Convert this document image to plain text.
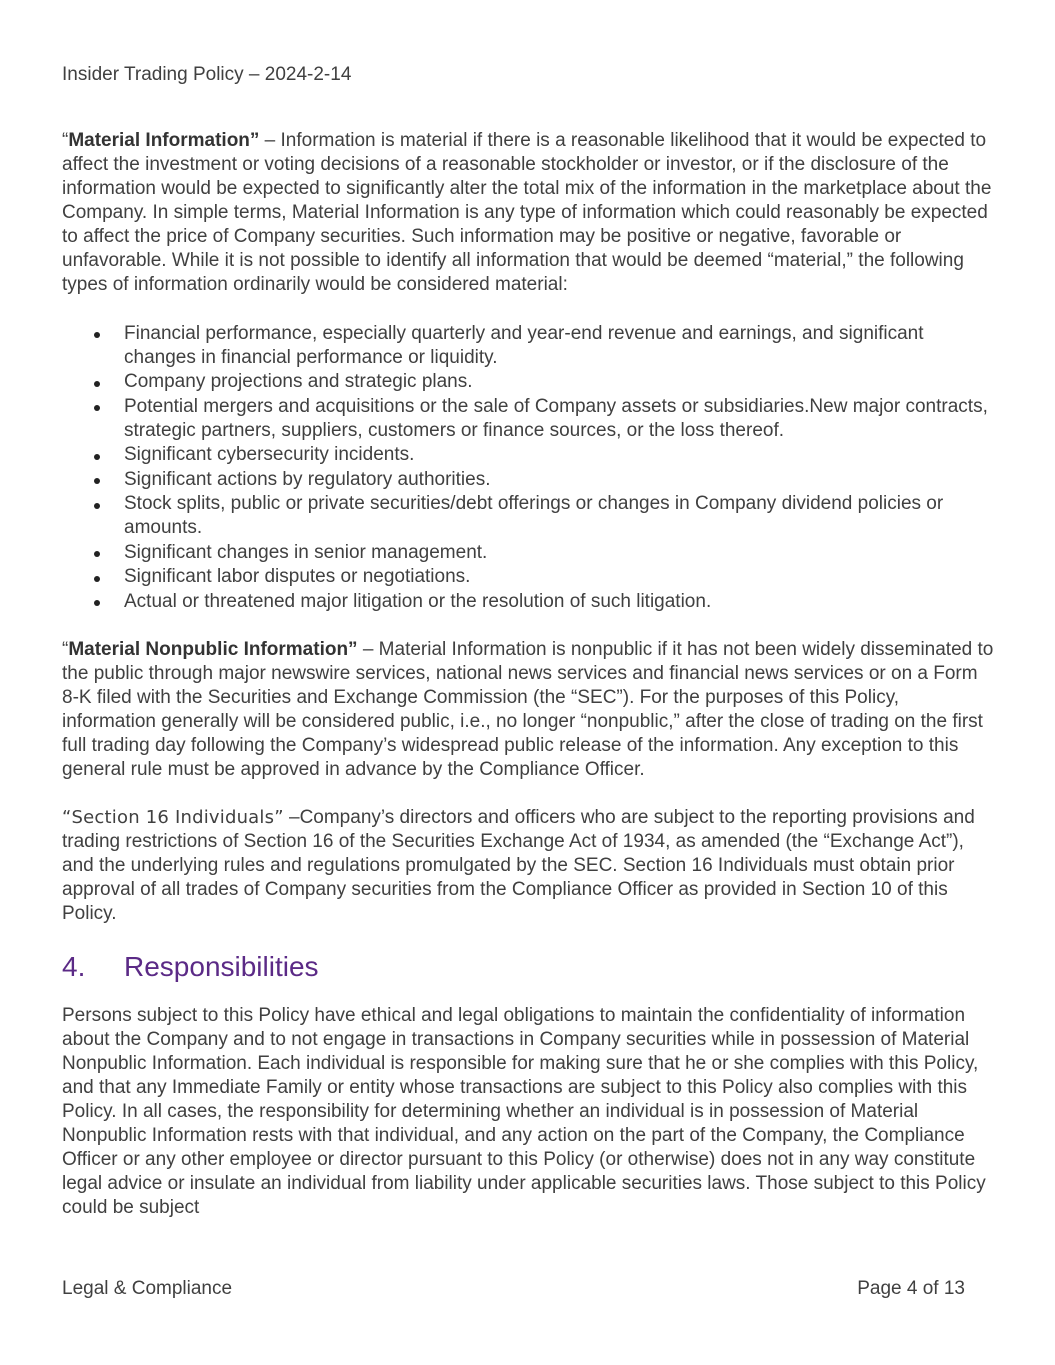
Insider Trading Policy – 2024-2-14

“Material Information” – Information is material if there is a reasonable likelihood that it would be expected to affect the investment or voting decisions of a reasonable stockholder or investor, or if the disclosure of the information would be expected to significantly alter the total mix of the information in the marketplace about the Company. In simple terms, Material Information is any type of information which could reasonably be expected to affect the price of Company securities. Such information may be positive or negative, favorable or unfavorable. While it is not possible to identify all information that would be deemed “material,” the following types of information ordinarily would be considered material:

Financial performance, especially quarterly and year-end revenue and earnings, and significant changes in financial performance or liquidity.
Company projections and strategic plans.
Potential mergers and acquisitions or the sale of Company assets or subsidiaries.New major contracts, strategic partners, suppliers, customers or finance sources, or the loss thereof.
Significant cybersecurity incidents.
Significant actions by regulatory authorities.
Stock splits, public or private securities/debt offerings or changes in Company dividend policies or amounts.
Significant changes in senior management.
Significant labor disputes or negotiations.
Actual or threatened major litigation or the resolution of such litigation.

“Material Nonpublic Information” – Material Information is nonpublic if it has not been widely disseminated to the public through major newswire services, national news services and financial news services or on a Form 8-K filed with the Securities and Exchange Commission (the “SEC”). For the purposes of this Policy, information generally will be considered public, i.e., no longer “nonpublic,” after the close of trading on the first full trading day following the Company’s widespread public release of the information. Any exception to this general rule must be approved in advance by the Compliance Officer.

“Section 16 Individuals” –Company’s directors and officers who are subject to the reporting provisions and trading restrictions of Section 16 of the Securities Exchange Act of 1934, as amended (the “Exchange Act”), and the underlying rules and regulations promulgated by the SEC. Section 16 Individuals must obtain prior approval of all trades of Company securities from the Compliance Officer as provided in Section 10 of this Policy.

4.	Responsibilities

Persons subject to this Policy have ethical and legal obligations to maintain the confidentiality of information about the Company and to not engage in transactions in Company securities while in possession of Material Nonpublic Information. Each individual is responsible for making sure that he or she complies with this Policy, and that any Immediate Family or entity whose transactions are subject to this Policy also complies with this Policy. In all cases, the responsibility for determining whether an individual is in possession of Material Nonpublic Information rests with that individual, and any action on the part of the Company, the Compliance Officer or any other employee or director pursuant to this Policy (or otherwise) does not in any way constitute legal advice or insulate an individual from liability under applicable securities laws. Those subject to this Policy could be subject

Legal & Compliance	Page 4 of 13
